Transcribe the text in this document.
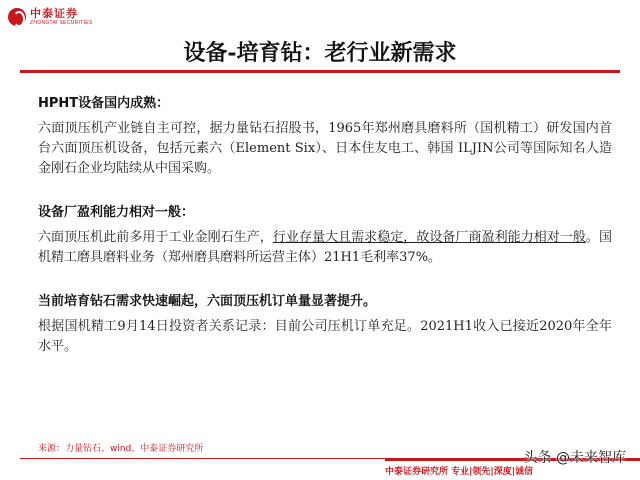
中泰证券
ZHONGTAI SECURITIES
设备-培育钻：老行业新需求
HPHT设备国内成熟：

六面顶压机产业链自主可控，据力量钻石招股书，1965年郑州磨具磨料所（国机精工）研发国内首台六面顶压机设备，包括元素六（Element Six）、日本住友电工、韩国 ILJIN公司等国际知名人造金刚石企业均陆续从中国采购。

设备厂盈利能力相对一般：

六面顶压机此前多用于工业金刚石生产，行业存量大且需求稳定，故设备厂商盈利能力相对一般。国机精工磨具磨料业务（郑州磨具磨料所运营主体）21H1毛利率37%。

当前培育钻石需求快速崛起，六面顶压机订单量显著提升。

根据国机精工9月14日投资者关系记录：目前公司压机订单充足。2021H1收入已接近2020年全年水平。

来源：力量钻石、wind、中泰证券研究所
中泰证券研究所 专业|领先|深度|诚信
头条 @未来智库
